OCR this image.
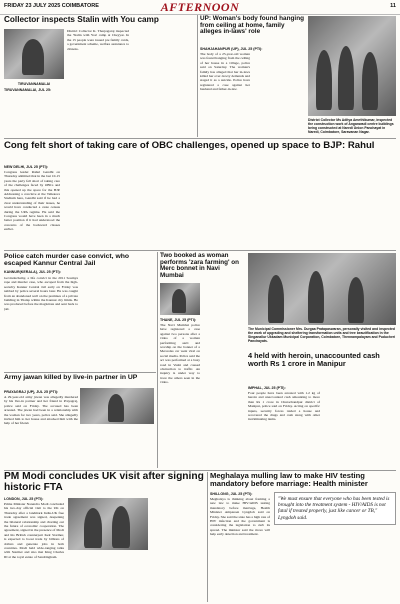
FRIDAY 23 JULY 2025 COIMBATORE	AFTERNOON	11
Collector inspects Stalin with You camp
District Collector K. Tharpagaraj inspected the 'Stalin with You' camp at Cheyyar. In the 15 people were issued pre family cards, a government scheme, welfare assistance to citizens.
TIRUVANNAMALAI
TIRUVANNAMALAI, JUL 25:
UP: Woman's body found hanging from ceiling at home, family alleges in-laws' role
SHAHJAHANPUR (UP), JUL 25 (PTI):
The body of a 25-year-old woman was found hanging from the ceiling of her house in a village, police said on Saturday. The woman's family has alleged that her in-laws killed her over dowry demands and staged it as a suicide. Police have registered a case against her husband and father-in-law.
District Collector Ms Aditya Amethikumar, inspected the construction work of Anganwadi centre buildings being constructed at Naredi Union Panchayat in Naredi, Coimbatore, Saravanan Nagar.
Cong felt short of taking care of OBC challenges, opened up space to BJP: Rahul
NEW DELHI, JUL 25 (PTI):
Congress leader Rahul Gandhi on Thursday admitted that in the last 10-15 years the party fell short of taking care of the challenges faced by OBCs and this opened up the space for the BJP. Addressing a conclave at the Talkatora Stadium here, Gandhi said if he had a clear understanding of their issues, he would have conducted a caste census during the UPA regime. He said the Congress would have been in a much better position if it had understood the concerns of the backward classes earlier.
Police catch murder case convict, who escaped Kannur Central Jail
KANNUR(KERALA), JUL 25 (PTI):
Govindachamy, a life convict in the 2011 Soumya rape and murder case, who escaped from the high-security Kannur Central Jail early on Friday was nabbed by police several hours later. He was caught from an abandoned well on the premises of a private building in Thalap within the Kannur city limits. He was produced before the magistrate and sent back to jail.
Two booked as woman performs 'zara farming' on Merc bonnet in Navi Mumbai
THANE, JUL 25 (PTI):
The Navi Mumbai police have registered a case against two persons after a video of a woman performing aarti and worship on the bonnet of a Mercedes car went viral on social media. Police said the act was performed at a busy road in Vashi and caused obstruction to traffic. An inquiry is under way to trace the others seen in the video.
The Municipal Commissioner Mrs. Durgaa Pratapaswaran, personally visited and inspected the work of upgrading and sheltering transformation units and tree beautification in the Singanallur Ukkadam Municipal Corporation, Coimbatore, Thennampalayam and Puducheri Panchayats.
Army jawan killed by live-in partner in UP
PRAYAGRAJ (UP), JUL 25 (PTI):
A 29-year-old army jawan was allegedly murdered by his live-in partner and her friend in Prayagraj, police said on Friday. The accused has been arrested. The jawan had been in a relationship with the woman for two years, police said. She allegedly invited him to her house and attacked him with the help of her friend.
4 held with heroin, unaccounted cash worth Rs 1 crore in Manipur
IMPHAL, JUL 25 (PTI):
Four people have been arrested with 1.2 kg of heroin and unaccounted cash amounting to more than Rs 1 crore in Churachandpur district of Manipur, police said on Friday. Acting on specific inputs, security forces raided a house and recovered the drugs and cash along with other incriminating items.
PM Modi concludes UK visit after signing historic FTA
LONDON, JUL 25 (PTI):
Prime Minister Narendra Modi concluded his two-day official visit to the UK on Thursday after a landmark India-UK free trade agreement was signed, deepening the bilateral relationship and charting out the future of economic cooperation. The agreement, signed in the presence of Modi and his British counterpart Keir Starmer, is expected to boost trade by billions of dollars and generate jobs in both countries. Modi held wide-ranging talks with Starmer and also met King Charles III at the royal estate of Sandringham.
Meghalaya mulling law to make HIV testing mandatory before marriage: Health minister
SHILLONG, JUL 25 (PTI):
Meghalaya is thinking about framing a new law to make HIV/AIDS testing mandatory before marriage, Health Minister Ampareen Lyngdoh said on Friday. She said the state has a high rate of HIV infection and the government is considering the legislation to curb its spread. The minister said the move will help early detection and treatment.
"We must ensure that everyone who has been tested is brought into the treatment system - HIV/AIDS is not fatal if treated properly, just like cancer or TB," Lyngdoh said.
